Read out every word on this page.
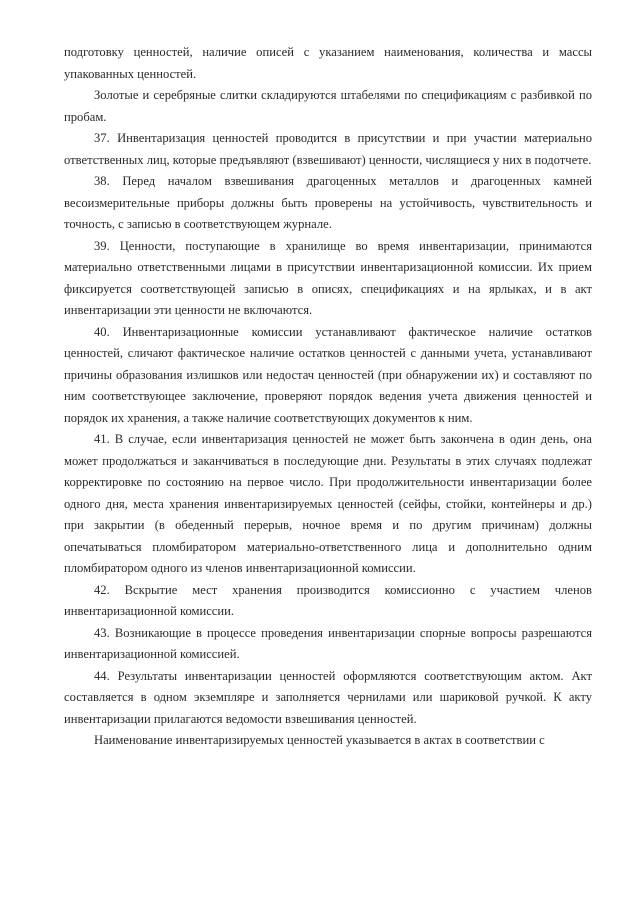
подготовку ценностей, наличие описей с указанием наименования, количества и массы упакованных ценностей.

Золотые и серебряные слитки складируются штабелями по спецификациям с разбивкой по пробам.

37. Инвентаризация ценностей проводится в присутствии и при участии материально ответственных лиц, которые предъявляют (взвешивают) ценности, числящиеся у них в подотчете.

38. Перед началом взвешивания драгоценных металлов и драгоценных камней весоизмерительные приборы должны быть проверены на устойчивость, чувствительность и точность, с записью в соответствующем журнале.

39. Ценности, поступающие в хранилище во время инвентаризации, принимаются материально ответственными лицами в присутствии инвентаризационной комиссии. Их прием фиксируется соответствующей записью в описях, спецификациях и на ярлыках, и в акт инвентаризации эти ценности не включаются.

40. Инвентаризационные комиссии устанавливают фактическое наличие остатков ценностей, сличают фактическое наличие остатков ценностей с данными учета, устанавливают причины образования излишков или недостач ценностей (при обнаружении их) и составляют по ним соответствующее заключение, проверяют порядок ведения учета движения ценностей и порядок их хранения, а также наличие соответствующих документов к ним.

41. В случае, если инвентаризация ценностей не может быть закончена в один день, она может продолжаться и заканчиваться в последующие дни. Результаты в этих случаях подлежат корректировке по состоянию на первое число. При продолжительности инвентаризации более одного дня, места хранения инвентаризируемых ценностей (сейфы, стойки, контейнеры и др.) при закрытии (в обеденный перерыв, ночное время и по другим причинам) должны опечатываться пломбиратором материально-ответственного лица и дополнительно одним пломбиратором одного из членов инвентаризационной комиссии.

42. Вскрытие мест хранения производится комиссионно с участием членов инвентаризационной комиссии.

43. Возникающие в процессе проведения инвентаризации спорные вопросы разрешаются инвентаризационной комиссией.

44. Результаты инвентаризации ценностей оформляются соответствующим актом. Акт составляется в одном экземпляре и заполняется чернилами или шариковой ручкой. К акту инвентаризации прилагаются ведомости взвешивания ценностей.

Наименование инвентаризируемых ценностей указывается в актах в соответствии с
